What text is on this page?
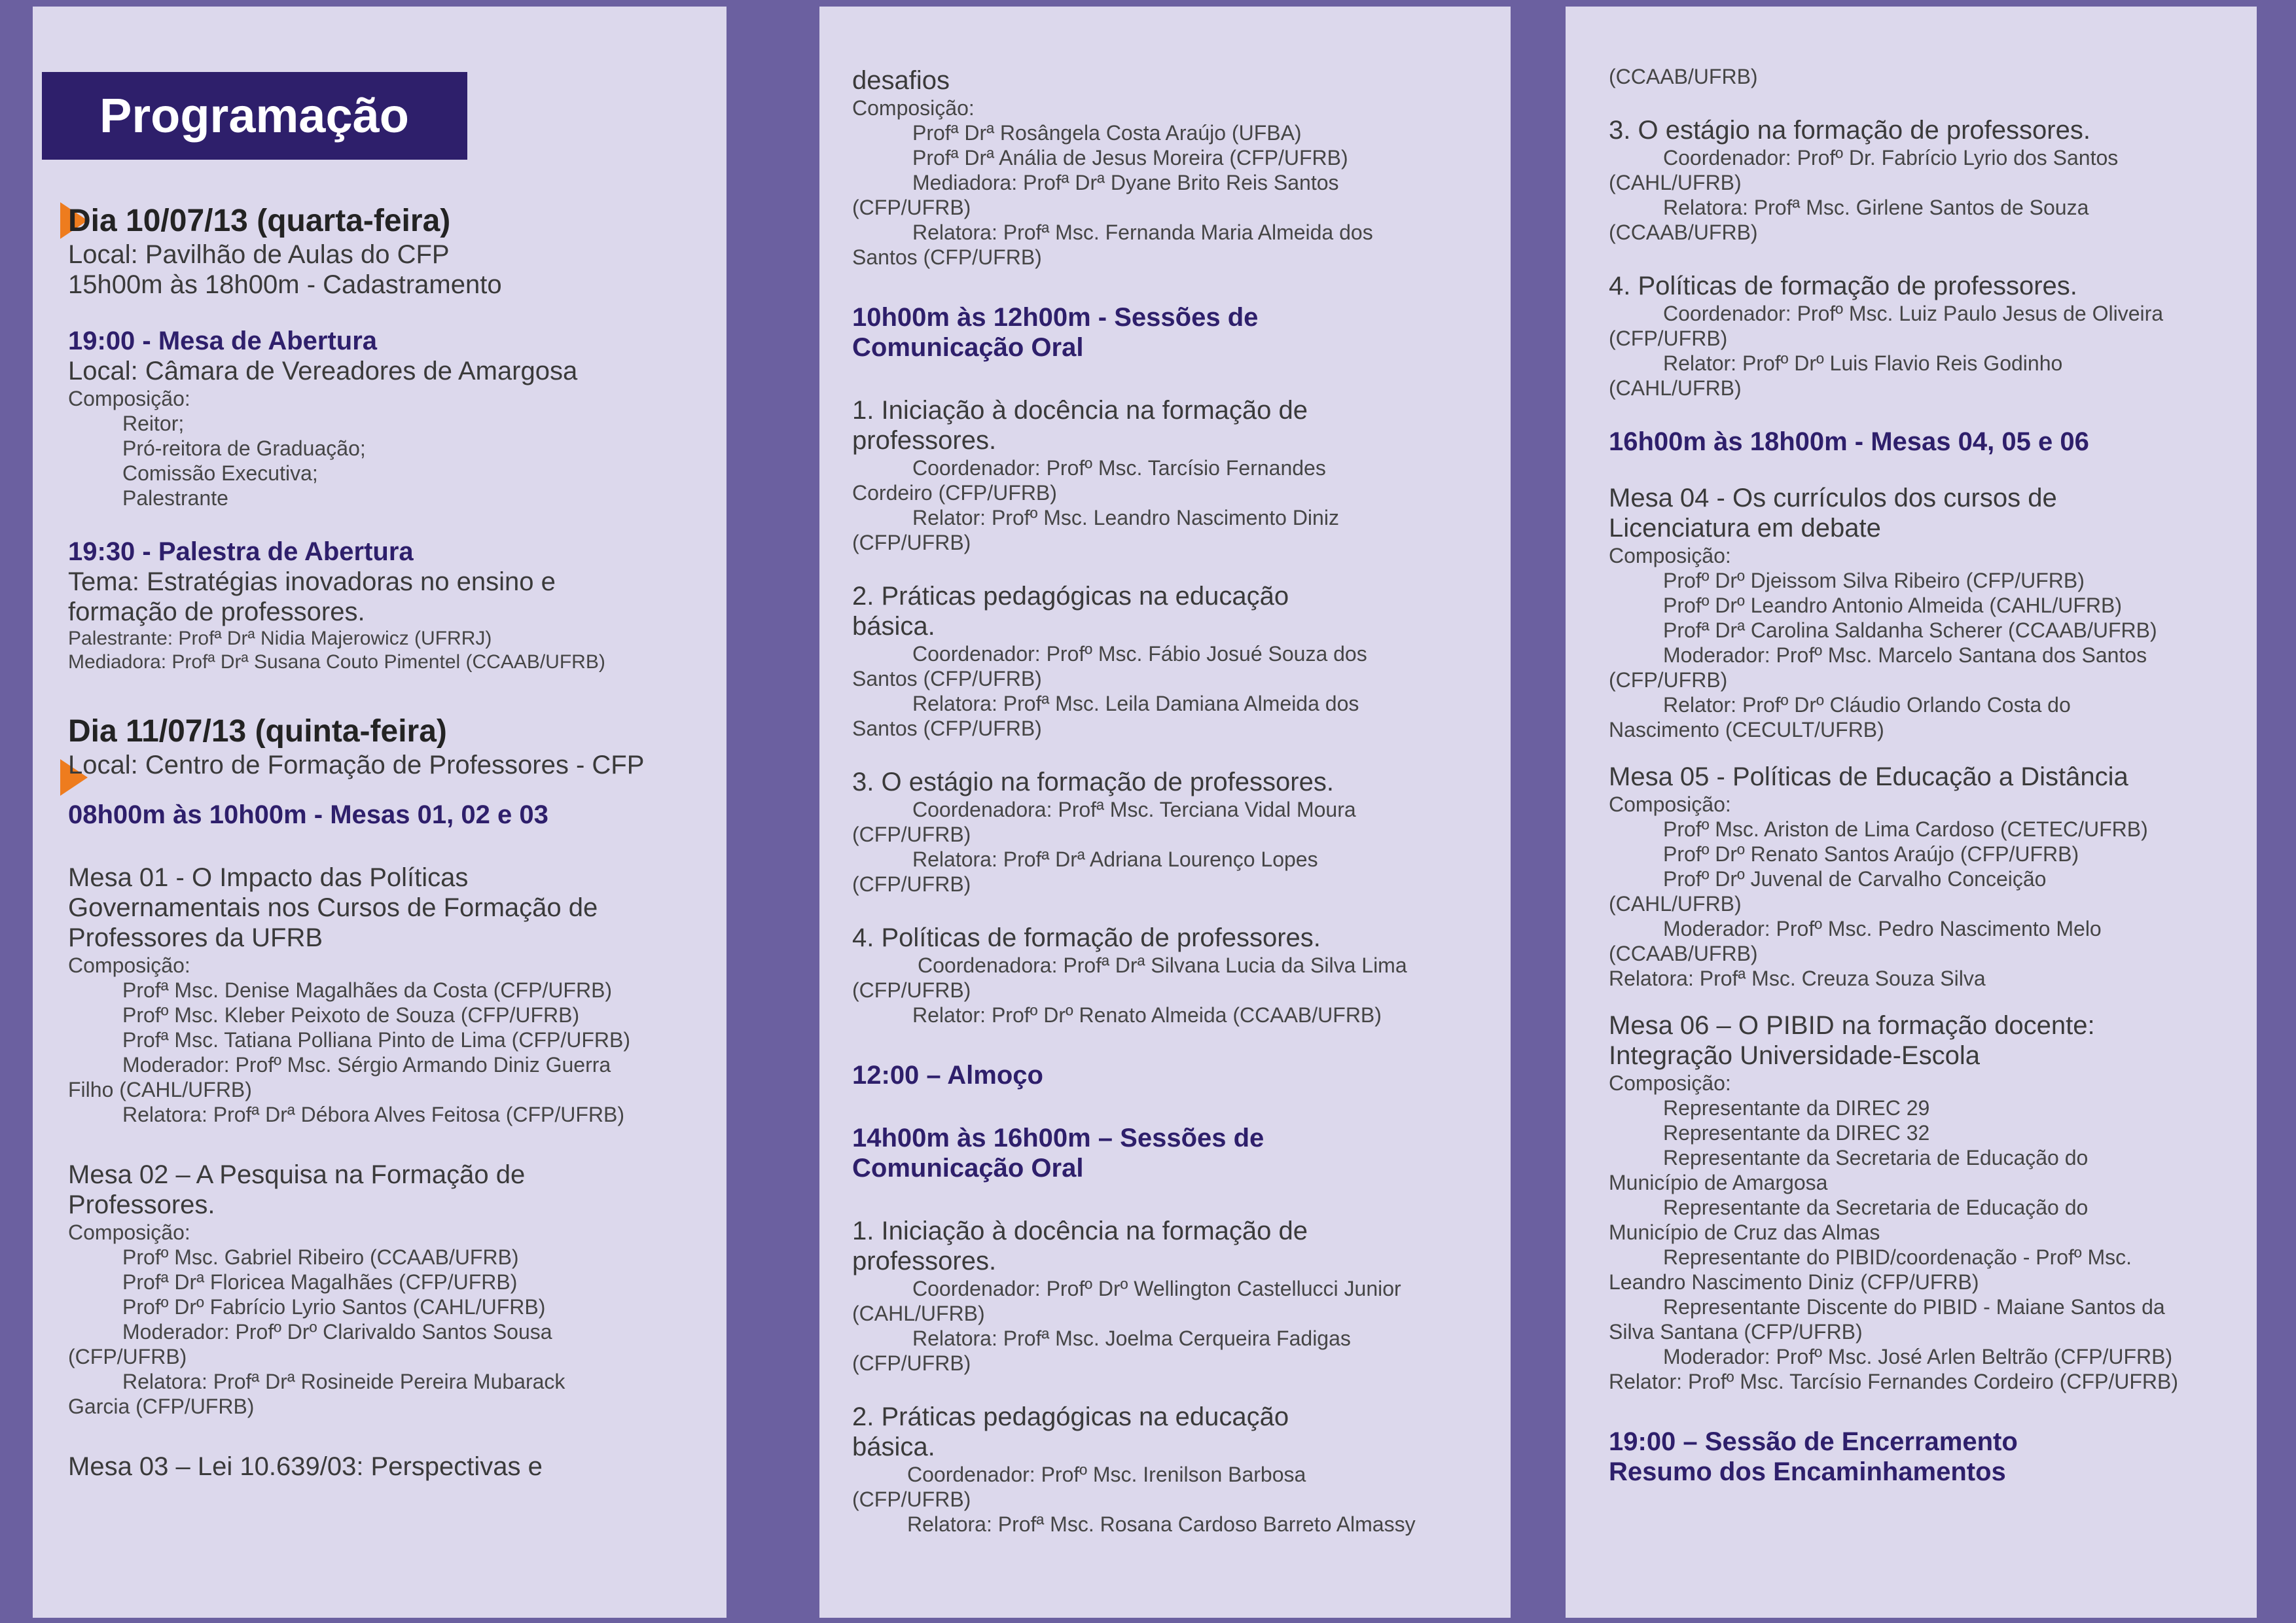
Programação

Dia 10/07/13 (quarta-feira)

Local: Pavilhão de Aulas do CFP

15h00m às 18h00m - Cadastramento

19:00 - Mesa de Abertura

Local: Câmara de Vereadores de Amargosa

Composição:

Reitor;

Pró-reitora de Graduação;

Comissão Executiva;

Palestrante

19:30 - Palestra de Abertura

Tema: Estratégias inovadoras no ensino e

formação de professores.

Palestrante: Profª Drª Nidia Majerowicz (UFRRJ)

Mediadora: Profª Drª Susana Couto Pimentel (CCAAB/UFRB)

Dia 11/07/13 (quinta-feira)

Local: Centro de Formação de Professores - CFP

08h00m às 10h00m - Mesas 01, 02 e 03

Mesa 01 - O Impacto das Políticas

Governamentais nos Cursos de Formação de

Professores da UFRB

Composição:

Profª Msc. Denise Magalhães da Costa (CFP/UFRB)

Profº Msc. Kleber Peixoto de Souza (CFP/UFRB)

Profª Msc. Tatiana Polliana Pinto de Lima (CFP/UFRB)

Moderador: Profº Msc. Sérgio Armando Diniz Guerra

Filho (CAHL/UFRB)

Relatora: Profª Drª Débora Alves Feitosa (CFP/UFRB)

Mesa 02 – A Pesquisa na Formação de

Professores.

Composição:

Profº Msc. Gabriel Ribeiro (CCAAB/UFRB)

Profª Drª Floricea Magalhães (CFP/UFRB)

Profº Drº Fabrício Lyrio Santos (CAHL/UFRB)

Moderador: Profº Drº Clarivaldo Santos Sousa

(CFP/UFRB)

Relatora: Profª Drª Rosineide Pereira Mubarack

Garcia (CFP/UFRB)

Mesa 03 – Lei 10.639/03: Perspectivas e

desafios

Composição:

Profª Drª Rosângela Costa Araújo (UFBA)

Profª Drª Anália de Jesus Moreira (CFP/UFRB)

Mediadora: Profª Drª Dyane Brito Reis Santos

(CFP/UFRB)

Relatora: Profª Msc. Fernanda Maria Almeida dos

Santos (CFP/UFRB)

10h00m às 12h00m - Sessões de

Comunicação Oral

1. Iniciação à docência na formação de

professores.

Coordenador: Profº Msc. Tarcísio Fernandes

Cordeiro (CFP/UFRB)

Relator: Profº Msc. Leandro Nascimento Diniz

(CFP/UFRB)

2. Práticas pedagógicas na educação

básica.

Coordenador: Profº Msc. Fábio Josué Souza dos

Santos (CFP/UFRB)

Relatora: Profª Msc. Leila Damiana Almeida dos

Santos (CFP/UFRB)

3. O estágio na formação de professores.

Coordenadora: Profª Msc. Terciana Vidal Moura

(CFP/UFRB)

Relatora: Profª Drª Adriana Lourenço Lopes

(CFP/UFRB)

4. Políticas de formação de professores.

Coordenadora: Profª Drª Silvana Lucia da Silva Lima

(CFP/UFRB)

Relator: Profº Drº Renato Almeida (CCAAB/UFRB)

12:00 – Almoço

14h00m às 16h00m – Sessões de

Comunicação Oral

1. Iniciação à docência na formação de

professores.

Coordenador: Profº Drº Wellington Castellucci Junior

(CAHL/UFRB)

Relatora: Profª Msc. Joelma Cerqueira Fadigas

(CFP/UFRB)

2. Práticas pedagógicas na educação

básica.

Coordenador: Profº Msc. Irenilson Barbosa

(CFP/UFRB)

Relatora: Profª Msc. Rosana Cardoso Barreto Almassy

(CCAAB/UFRB)

3. O estágio na formação de professores.

Coordenador: Profº Dr. Fabrício Lyrio dos Santos

(CAHL/UFRB)

Relatora: Profª Msc. Girlene Santos de Souza

(CCAAB/UFRB)

4. Políticas de formação de professores.

Coordenador: Profº Msc. Luiz Paulo Jesus de Oliveira

(CFP/UFRB)

Relator: Profº Drº Luis Flavio Reis Godinho

(CAHL/UFRB)

16h00m às 18h00m - Mesas 04, 05 e 06

Mesa 04 - Os currículos dos cursos de

Licenciatura em debate

Composição:

Profº Drº Djeissom Silva Ribeiro (CFP/UFRB)

Profº Drº Leandro Antonio Almeida (CAHL/UFRB)

Profª Drª Carolina Saldanha Scherer (CCAAB/UFRB)

Moderador: Profº Msc. Marcelo Santana dos Santos

(CFP/UFRB)

Relator: Profº Drº Cláudio Orlando Costa do

Nascimento (CECULT/UFRB)

Mesa 05 - Políticas de Educação a Distância

Composição:

Profº Msc. Ariston de Lima Cardoso (CETEC/UFRB)

Profº Drº Renato Santos Araújo (CFP/UFRB)

Profº Drº Juvenal de Carvalho Conceição

(CAHL/UFRB)

Moderador: Profº Msc. Pedro Nascimento Melo

(CCAAB/UFRB)

Relatora: Profª Msc. Creuza Souza Silva

Mesa 06 – O PIBID na formação docente:

Integração Universidade-Escola

Composição:

Representante da DIREC 29

Representante da DIREC 32

Representante da Secretaria de Educação do

Município de Amargosa

Representante da Secretaria de Educação do

Município de Cruz das Almas

Representante do PIBID/coordenação - Profº Msc.

Leandro Nascimento Diniz (CFP/UFRB)

Representante Discente do PIBID - Maiane Santos da

Silva Santana (CFP/UFRB)

Moderador: Profº Msc. José Arlen Beltrão (CFP/UFRB)

Relator: Profº Msc. Tarcísio Fernandes Cordeiro (CFP/UFRB)

19:00 – Sessão de Encerramento

Resumo dos Encaminhamentos
